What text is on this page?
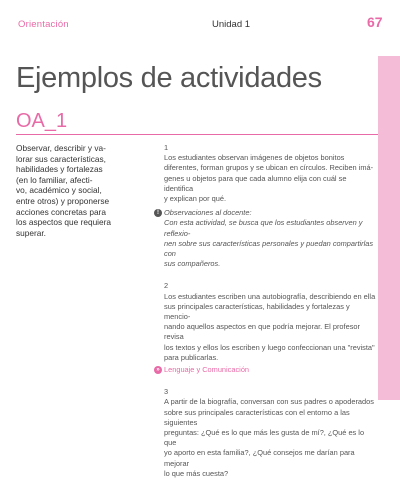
Orientación	Unidad 1	67
Ejemplos de actividades
OA_1

Observar, describir y va-

lorar sus características,

habilidades y fortalezas

(en lo familiar, afecti-

vo, académico y social,

entre otros) y proponerse

acciones concretas para

los aspectos que requiera

superar.

1

Los estudiantes observan imágenes de objetos bonitos

diferentes, forman grupos y se ubican en círculos. Reciben imá-

genes u objetos para que cada alumno elija con cuál se identifica

y explican por qué.

! Observaciones al docente:

Con esta actividad, se busca que los estudiantes observen y reflexio-

nen sobre sus características personales y puedan compartirlas con

sus compañeros.

2

Los estudiantes escriben una autobiografía, describiendo en ella

sus principales características, habilidades y fortalezas y mencio-

nando aquellos aspectos en que podría mejorar. El profesor revisa

los textos y ellos los escriben y luego confeccionan una "revista"

para publicarlas.

» Lenguaje y Comunicación

3

A partir de la biografía, conversan con sus padres o apoderados

sobre sus principales características con el entorno a las siguientes

preguntas: ¿Qué es lo que más les gusta de mí?, ¿Qué es lo que

yo aporto en esta familia?, ¿Qué consejos me darían para mejorar

lo que más cuesta?
